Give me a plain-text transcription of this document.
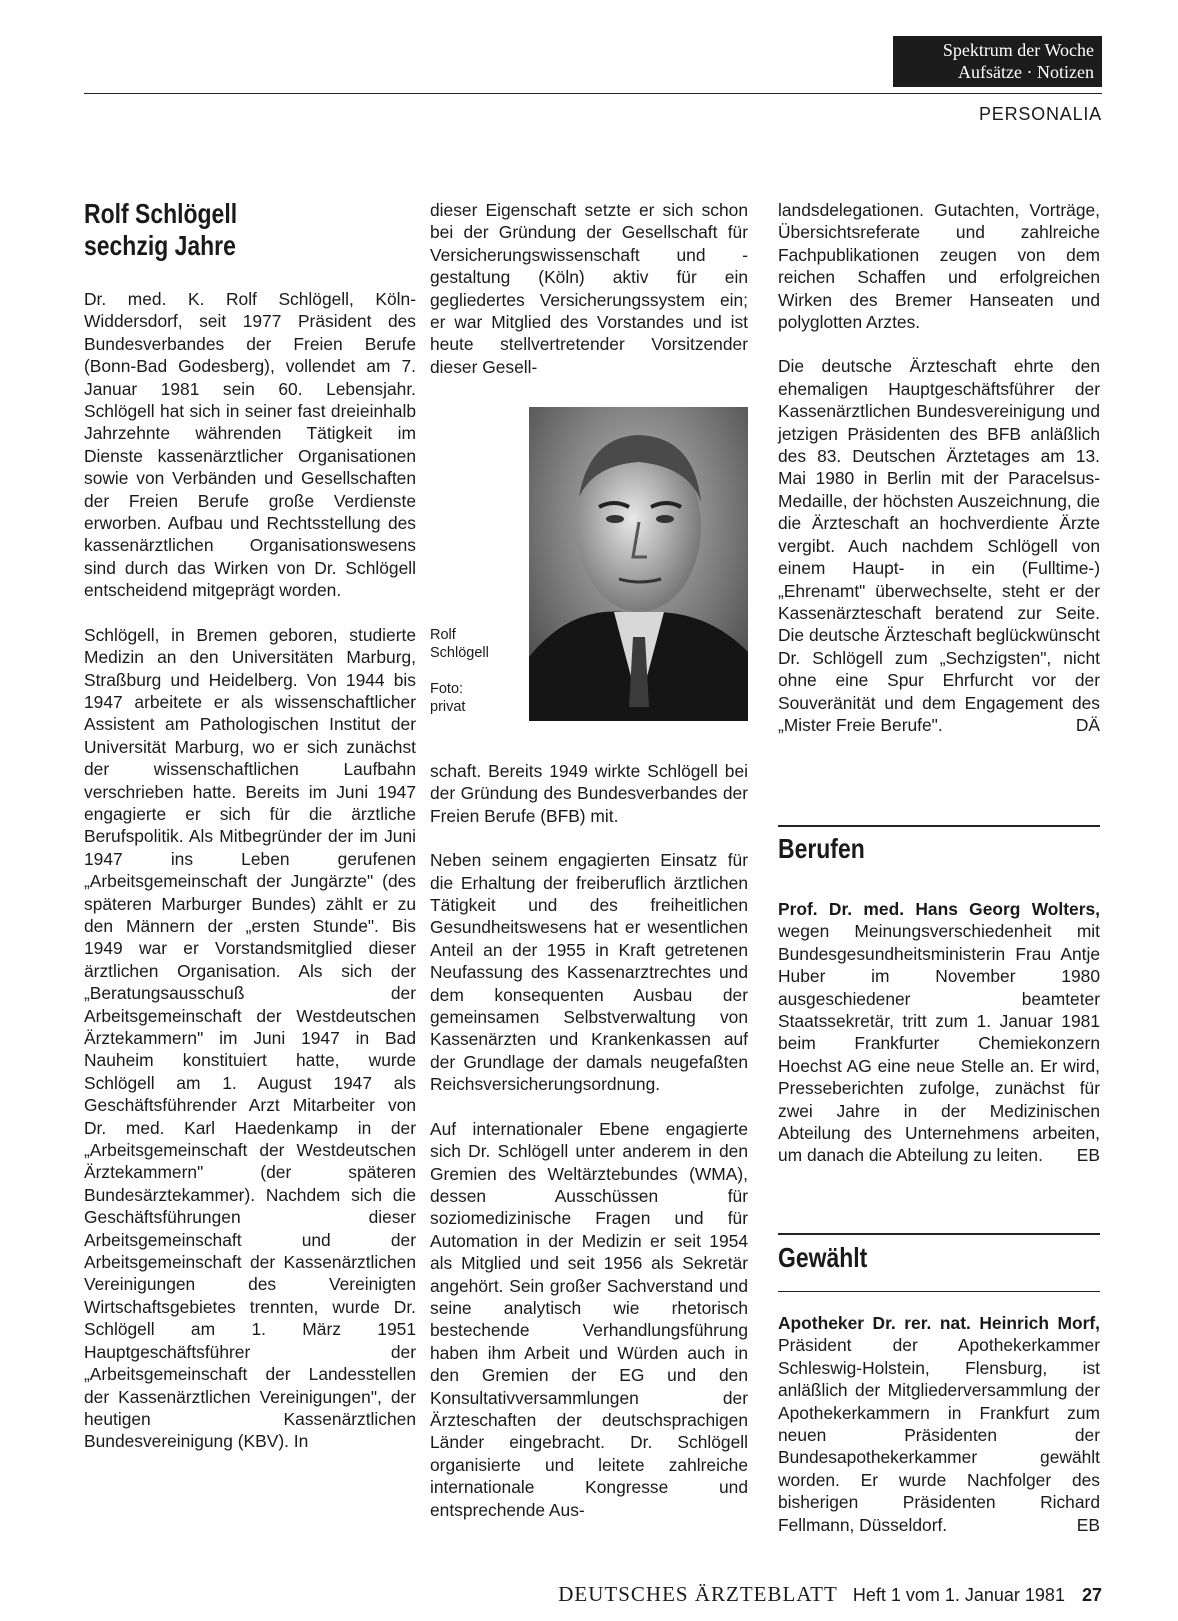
Spektrum der Woche
Aufsätze · Notizen
PERSONALIA
Rolf Schlögell
sechzig Jahre

Dr. med. K. Rolf Schlögell, Köln-Widdersdorf, seit 1977 Präsident des Bundesverbandes der Freien Berufe (Bonn-Bad Godesberg), vollendet am 7. Januar 1981 sein 60. Lebensjahr. Schlögell hat sich in seiner fast dreieinhalb Jahrzehnte währenden Tätigkeit im Dienste kassenärztlicher Organisationen sowie von Verbänden und Gesellschaften der Freien Berufe große Verdienste erworben. Aufbau und Rechtsstellung des kassenärztlichen Organisationswesens sind durch das Wirken von Dr. Schlögell entscheidend mitgeprägt worden.

Schlögell, in Bremen geboren, studierte Medizin an den Universitäten Marburg, Straßburg und Heidelberg. Von 1944 bis 1947 arbeitete er als wissenschaftlicher Assistent am Pathologischen Institut der Universität Marburg, wo er sich zunächst der wissenschaftlichen Laufbahn verschrieben hatte. Bereits im Juni 1947 engagierte er sich für die ärztliche Berufspolitik. Als Mitbegründer der im Juni 1947 ins Leben gerufenen „Arbeitsgemeinschaft der Jungärzte" (des späteren Marburger Bundes) zählt er zu den Männern der „ersten Stunde". Bis 1949 war er Vorstandsmitglied dieser ärztlichen Organisation. Als sich der „Beratungsausschuß der Arbeitsgemeinschaft der Westdeutschen Ärztekammern" im Juni 1947 in Bad Nauheim konstituiert hatte, wurde Schlögell am 1. August 1947 als Geschäftsführender Arzt Mitarbeiter von Dr. med. Karl Haedenkamp in der „Arbeitsgemeinschaft der Westdeutschen Ärztekammern" (der späteren Bundesärztekammer). Nachdem sich die Geschäftsführungen dieser Arbeitsgemeinschaft und der Arbeitsgemeinschaft der Kassenärztlichen Vereinigungen des Vereinigten Wirtschaftsgebietes trennten, wurde Dr. Schlögell am 1. März 1951 Hauptgeschäftsführer der „Arbeitsgemeinschaft der Landesstellen der Kassenärztlichen Vereinigungen", der heutigen Kassenärztlichen Bundesvereinigung (KBV). In

dieser Eigenschaft setzte er sich schon bei der Gründung der Gesellschaft für Versicherungswissenschaft und -gestaltung (Köln) aktiv für ein gegliedertes Versicherungssystem ein; er war Mitglied des Vorstandes und ist heute stellvertretender Vorsitzender dieser Gesell-

Rolf
Schlögell
Foto:
privat

schaft. Bereits 1949 wirkte Schlögell bei der Gründung des Bundesverbandes der Freien Berufe (BFB) mit.

Neben seinem engagierten Einsatz für die Erhaltung der freiberuflich ärztlichen Tätigkeit und des freiheitlichen Gesundheitswesens hat er wesentlichen Anteil an der 1955 in Kraft getretenen Neufassung des Kassenarztrechtes und dem konsequenten Ausbau der gemeinsamen Selbstverwaltung von Kassenärzten und Krankenkassen auf der Grundlage der damals neugefaßten Reichsversicherungsordnung.

Auf internationaler Ebene engagierte sich Dr. Schlögell unter anderem in den Gremien des Weltärztebundes (WMA), dessen Ausschüssen für soziomedizinische Fragen und für Automation in der Medizin er seit 1954 als Mitglied und seit 1956 als Sekretär angehört. Sein großer Sachverstand und seine analytisch wie rhetorisch bestechende Verhandlungsführung haben ihm Arbeit und Würden auch in den Gremien der EG und den Konsultativversammlungen der Ärzteschaften der deutschsprachigen Länder eingebracht. Dr. Schlögell organisierte und leitete zahlreiche internationale Kongresse und entsprechende Aus-

landsdelegationen. Gutachten, Vorträge, Übersichtsreferate und zahlreiche Fachpublikationen zeugen von dem reichen Schaffen und erfolgreichen Wirken des Bremer Hanseaten und polyglotten Arztes.

Die deutsche Ärzteschaft ehrte den ehemaligen Hauptgeschäftsführer der Kassenärztlichen Bundesvereinigung und jetzigen Präsidenten des BFB anläßlich des 83. Deutschen Ärztetages am 13. Mai 1980 in Berlin mit der Paracelsus-Medaille, der höchsten Auszeichnung, die die Ärzteschaft an hochverdiente Ärzte vergibt. Auch nachdem Schlögell von einem Haupt- in ein (Fulltime-) „Ehrenamt" überwechselte, steht er der Kassenärzteschaft beratend zur Seite. Die deutsche Ärzteschaft beglückwünscht Dr. Schlögell zum „Sechzigsten", nicht ohne eine Spur Ehrfurcht vor der Souveränität und dem Engagement des „Mister Freie Berufe".	DÄ

Berufen

Prof. Dr. med. Hans Georg Wolters, wegen Meinungsverschiedenheit mit Bundesgesundheitsministerin Frau Antje Huber im November 1980 ausgeschiedener beamteter Staatssekretär, tritt zum 1. Januar 1981 beim Frankfurter Chemiekonzern Hoechst AG eine neue Stelle an. Er wird, Presseberichten zufolge, zunächst für zwei Jahre in der Medizinischen Abteilung des Unternehmens arbeiten, um danach die Abteilung zu leiten. EB

Gewählt

Apotheker Dr. rer. nat. Heinrich Morf, Präsident der Apothekerkammer Schleswig-Holstein, Flensburg, ist anläßlich der Mitgliederversammlung der Apothekerkammern in Frankfurt zum neuen Präsidenten der Bundesapothekerkammer gewählt worden. Er wurde Nachfolger des bisherigen Präsidenten Richard Fellmann, Düsseldorf.	EB

DEUTSCHES ÄRZTEBLATT Heft 1 vom 1. Januar 1981 27
